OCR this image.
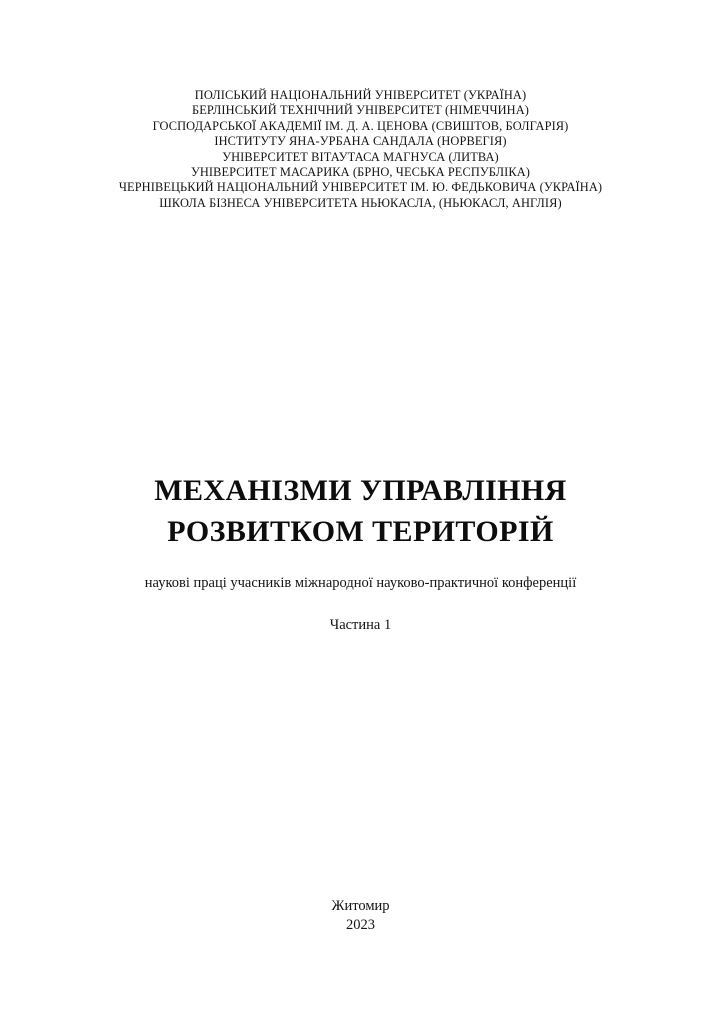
ПОЛІСЬКИЙ НАЦІОНАЛЬНИЙ УНІВЕРСИТЕТ (УКРАЇНА)
БЕРЛІНСЬКИЙ ТЕХНІЧНИЙ УНІВЕРСИТЕТ (НІМЕЧЧИНА)
ГОСПОДАРСЬКОЇ АКАДЕМІЇ ІМ. Д. А. ЦЕНОВА (СВИШТОВ, БОЛГАРІЯ)
ІНСТИТУТУ ЯНА-УРБАНА САНДАЛА (НОРВЕГІЯ)
УНІВЕРСИТЕТ ВІТАУТАСА МАГНУСА (ЛИТВА)
УНІВЕРСИТЕТ МАСАРИКА (БРНО, ЧЕСЬКА РЕСПУБЛІКА)
ЧЕРНІВЕЦЬКИЙ НАЦІОНАЛЬНИЙ УНІВЕРСИТЕТ ІМ. Ю. ФЕДЬКОВИЧА (УКРАЇНА)
ШКОЛА БІЗНЕСА УНІВЕРСИТЕТА НЬЮКАСЛА, (НЬЮКАСЛ, АНГЛІЯ)
МЕХАНІЗМИ УПРАВЛІННЯ
РОЗВИТКОМ ТЕРИТОРІЙ
наукові праці учасників міжнародної науково-практичної конференції
Частина 1
Житомир
2023
